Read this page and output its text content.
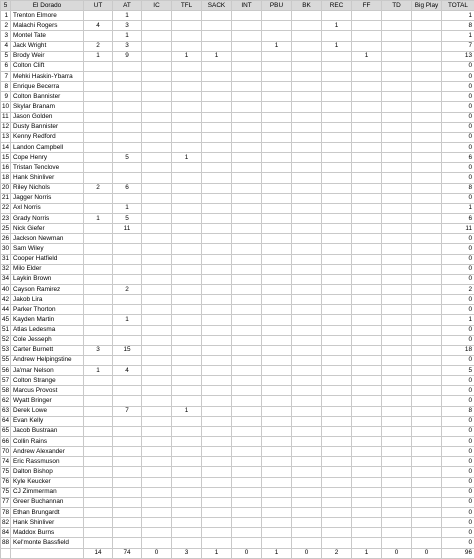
5	El Dorado	UT	AT	IC	TFL	SACK	INT	PBU	BK	REC	FF	TD	Big Play	TOTAL
1	Trenton Elmore		1											1
2	Malachi Rogers	4	3							1				8
3	Montel Tate		1											1
4	Jack Wright	2	3					1		1				7
5	Brody Weir	1	9		1	1					1			13
6	Colton Clift													0
7	Mehki Haskin-Ybarra													0
8	Enrique Becerra													0
9	Colton Bannister													0
10	Skylar Branam													0
11	Jason Golden													0
12	Dusty Bannister													0
13	Kenny Redford													0
14	Landon Campbell													0
15	Cope Henry		5		1									6
16	Tristan Tenclove													0
18	Hank Shinliver													0
20	Riley Nichols	2	6											8
21	Jagger Norris													0
22	Axl Norris		1											1
23	Grady Norris	1	5											6
25	Nick Giefer		11											11
26	Jackson Newman													0
30	Sam Wiley													0
31	Cooper Hatfield													0
32	Milo Elder													0
34	Laykin Brown													0
40	Cayson Ramirez		2											2
42	Jakob Lira													0
44	Parker Thorton													0
45	Kayden Martin		1											1
51	Atlas Ledesma													0
52	Cole Jesseph													0
53	Carter Burnett	3	15											18
55	Andrew Helpingstine													0
56	Ja'mar Nelson	1	4											5
57	Colton Strange													0
58	Marcus Provost													0
62	Wyatt Bringer													0
63	Derek Lowe		7		1									8
64	Evan Kelly													0
65	Jacob Bustraan													0
66	Collin Rains													0
70	Andrew Alexander													0
74	Eric Rassmuson													0
75	Dalton Bishop													0
76	Kyle Keucker													0
75	CJ Zimmerman													0
77	Greer Buchannan													0
78	Ethan Brungardt													0
82	Hank Shinliver													0
84	Maddox Burns													0
88	Kel'monte Bassfield													0
		14	74	0	3	1	0	1	0	2	1	0	0	96
